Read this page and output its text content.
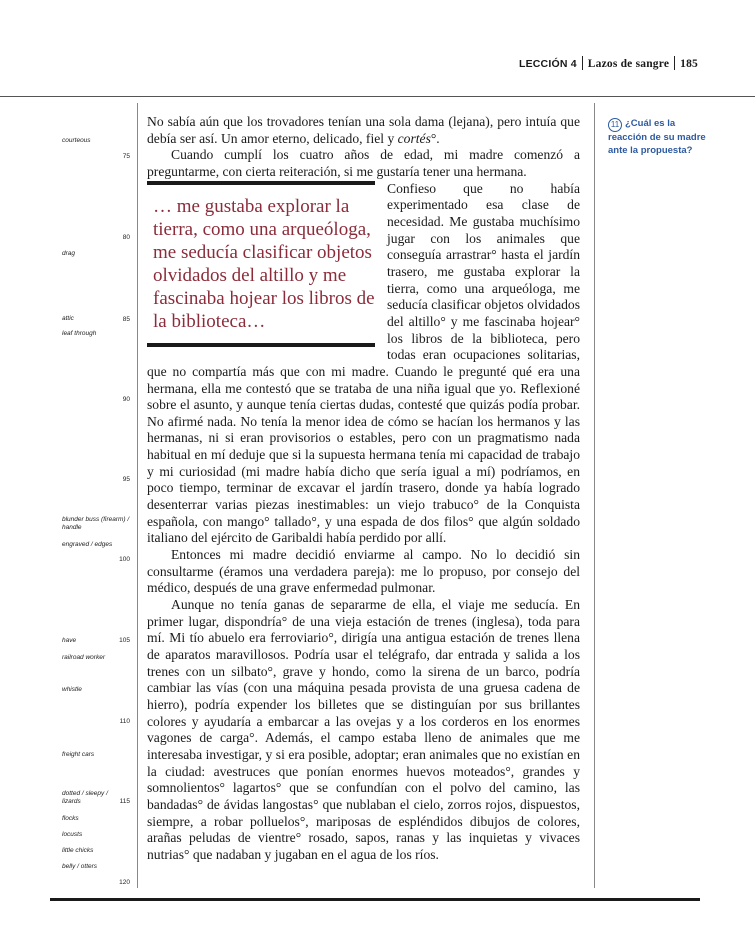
LECCIÓN 4 Lazos de sangre 185
75
80
85
90
95
100
105
110
115
120
courteous
drag
attic
leaf through
blunder buss (firearm) / handle
engraved / edges
have
railroad worker
whistle
freight cars
dotted / sleepy / lizards
flocks
locusts
little chicks
belly / otters

No sabía aún que los trovadores tenían una sola dama (lejana), pero intuía que debía ser así. Un amor eterno, delicado, fiel y cortés°.

Cuando cumplí los cuatro años de edad, mi madre comenzó a preguntarme, con cierta reiteración, si me gustaría tener una hermana.

… me gustaba explorar la tierra, como una arqueóloga, me seducía clasificar objetos olvidados del altillo y me fascinaba hojear los libros de la biblioteca…

Confieso que no había experimentado esa clase de necesidad. Me gustaba muchísimo jugar con los animales que conseguía arrastrar° hasta el jardín trasero, me gustaba explorar la tierra, como una arqueóloga, me seducía clasificar objetos olvidados del altillo° y me fascinaba hojear° los libros de la biblioteca, pero todas eran ocupaciones solitarias, que no compartía más que con mi madre. Cuando le pregunté qué era una hermana, ella me contestó que se trataba de una niña igual que yo. Reflexioné sobre el asunto, y aunque tenía ciertas dudas, contesté que quizás podía probar. No afirmé nada. No tenía la menor idea de cómo se hacían los hermanos y las hermanas, ni si eran provisorios o estables, pero con un pragmatismo nada habitual en mí deduje que si la supuesta hermana tenía mi capacidad de trabajo y mi curiosidad (mi madre había dicho que sería igual a mí) podríamos, en poco tiempo, terminar de excavar el jardín trasero, donde ya había logrado desenterrar varias piezas inestimables: un viejo trabuco° de la Conquista española, con mango° tallado°, y una espada de dos filos° que algún soldado italiano del ejército de Garibaldi había perdido por allí.

Entonces mi madre decidió enviarme al campo. No lo decidió sin consultarme (éramos una verdadera pareja): me lo propuso, por consejo del médico, después de una grave enfermedad pulmonar.

Aunque no tenía ganas de separarme de ella, el viaje me seducía. En primer lugar, dispondría° de una vieja estación de trenes (inglesa), toda para mí. Mi tío abuelo era ferroviario°, dirigía una antigua estación de trenes llena de aparatos maravillosos. Podría usar el telégrafo, dar entrada y salida a los trenes con un silbato°, grave y hondo, como la sirena de un barco, podría cambiar las vías (con una máquina pesada provista de una gruesa cadena de hierro), podría expender los billetes que se distinguían por sus brillantes colores y ayudaría a embarcar a las ovejas y a los corderos en los enormes vagones de carga°. Además, el campo estaba lleno de animales que me interesaba investigar, y si era posible, adoptar; eran animales que no existían en la ciudad: avestruces que ponían enormes huevos moteados°, grandes y somnolientos° lagartos° que se confundían con el polvo del camino, las bandadas° de ávidas langostas° que nublaban el cielo, zorros rojos, dispuestos, siempre, a robar polluelos°, mariposas de espléndidos dibujos de colores, arañas peludas de vientre° rosado, sapos, ranas y las inquietas y vivaces nutrias° que nadaban y jugaban en el agua de los ríos.

11 ¿Cuál es la reacción de su madre ante la propuesta?
